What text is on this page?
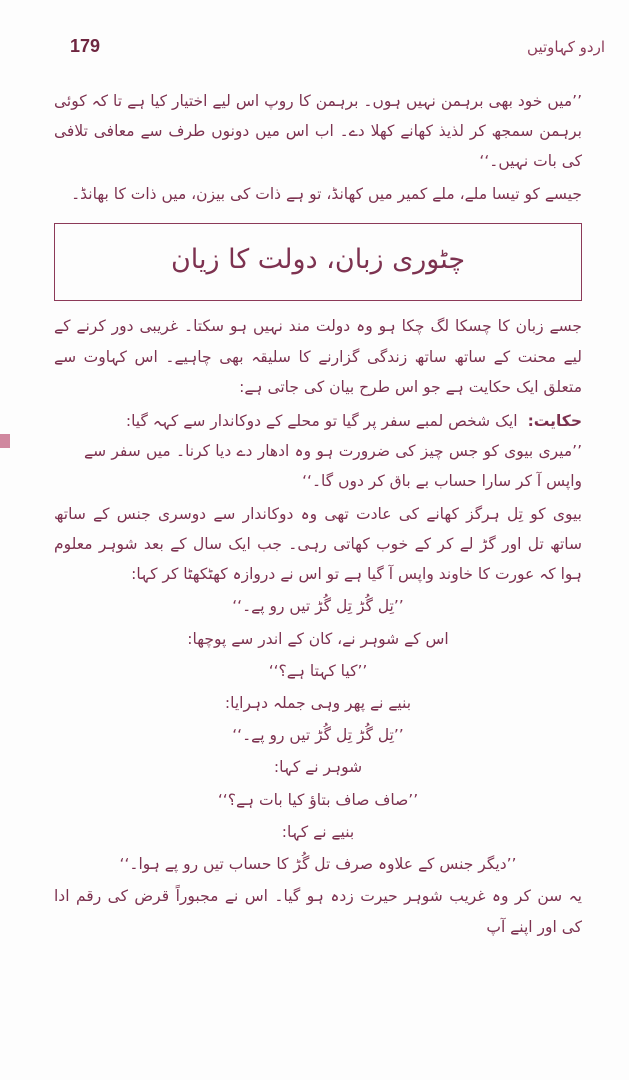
اردو کہاوتیں
179

’’میں خود بھی برہمن نہیں ہوں۔ برہمن کا روپ اس لیے اختیار کیا ہے تا کہ کوئی برہمن سمجھ کر لذیذ کھانے کھلا دے۔ اب اس میں دونوں طرف سے معافی تلافی کی بات نہیں۔‘‘

جیسے کو تیسا ملے، ملے کمیر میں کھانڈ، تو ہے ذات کی بیزن، میں ذات کا بھانڈ۔

چٹوری زبان، دولت کا زیان

جسے زبان کا چسکا لگ چکا ہو وہ دولت مند نہیں ہو سکتا۔ غریبی دور کرنے کے لیے محنت کے ساتھ ساتھ زندگی گزارنے کا سلیقہ بھی چاہیے۔ اس کہاوت سے متعلق ایک حکایت ہے جو اس طرح بیان کی جاتی ہے:

حکایت:
ایک شخص لمبے سفر پر گیا تو محلے کے دوکاندار سے کہہ گیا:

’’میری بیوی کو جس چیز کی ضرورت ہو وہ ادھار دے دیا کرنا۔ میں سفر سے واپس آ کر سارا حساب بے باق کر دوں گا۔‘‘

بیوی کو تِل ہرگز کھانے کی عادت تھی وہ دوکاندار سے دوسری جنس کے ساتھ ساتھ تل اور گڑ لے کر کے خوب کھاتی رہی۔ جب ایک سال کے بعد شوہر معلوم ہوا کہ عورت کا خاوند واپس آ گیا ہے تو اس نے دروازہ کھٹکھٹا کر کہا:

’’تِل گُڑ تِل گُڑ تیں رو پے۔‘‘

اس کے شوہر نے، کان کے اندر سے پوچھا:

’’کیا کہتا ہے؟‘‘

بنیے نے پھر وہی جملہ دہرایا:

’’تِل گُڑ تِل گُڑ تیں رو پے۔‘‘

شوہر نے کہا:

’’صاف صاف بتاؤ کیا بات ہے؟‘‘

بنیے نے کہا:

’’دیگر جنس کے علاوہ صرف تل گُڑ کا حساب تیں رو پے ہوا۔‘‘

یہ سن کر وہ غریب شوہر حیرت زدہ ہو گیا۔ اس نے مجبوراً قرض کی رقم ادا کی اور اپنے آپ
